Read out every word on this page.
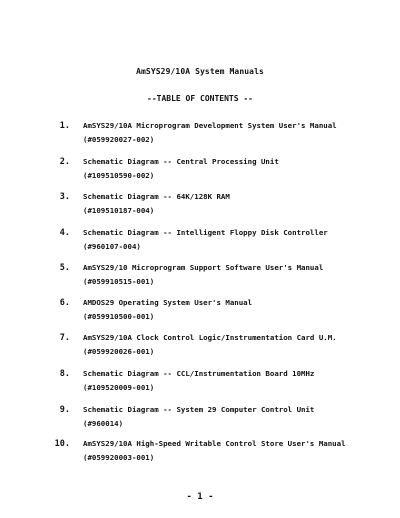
AmSYS29/10A System Manuals
--TABLE OF CONTENTS --
1. AmSYS29/10A Microprogram Development System User's Manual
(#059920027-002)
2. Schematic Diagram -- Central Processing Unit
(#109510590-002)
3. Schematic Diagram -- 64K/128K RAM
(#109510187-004)
4. Schematic Diagram -- Intelligent Floppy Disk Controller
(#960107-004)
5. AmSYS29/10 Microprogram Support Software User's Manual
(#059910515-001)
6. AMDOS29 Operating System User's Manual
(#059910500-001)
7. AmSYS29/10A Clock Control Logic/Instrumentation Card U.M.
(#059920026-001)
8. Schematic Diagram -- CCL/Instrumentation Board 10MHz
(#109520009-001)
9. Schematic Diagram -- System 29 Computer Control Unit
(#960014)
10. AmSYS29/10A High-Speed Writable Control Store User's Manual
(#059920003-001)
- 1 -
